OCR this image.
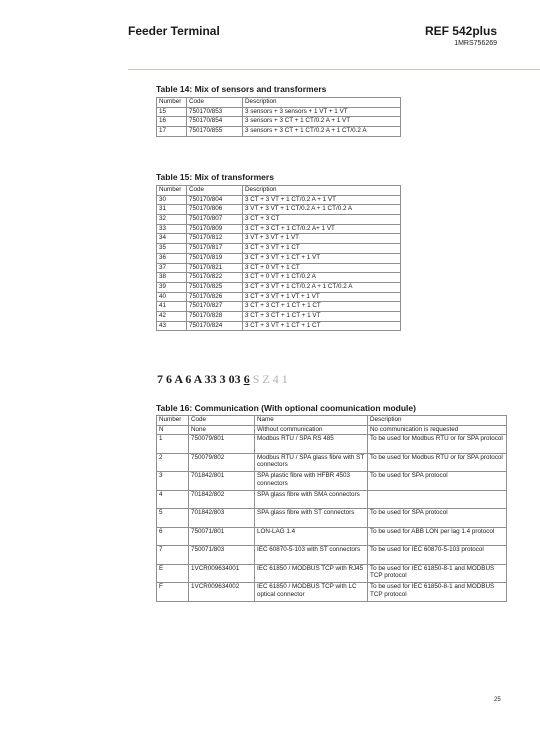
Feeder Terminal	REF 542plus
1MRS756269
Table 14: Mix of sensors and transformers
Number	Code	Description
15	750170/853	3 sensors + 3 sensors + 1 VT + 1 VT
16	750170/854	3 sensors + 3 CT + 1 CT/0.2 A + 1 VT
17	750170/855	3 sensors + 3 CT + 1 CT/0.2 A + 1 CT/0.2 A
Table 15: Mix of transformers
Number	Code	Description
30	750170/804	3 CT + 3 VT + 1 CT/0.2 A + 1 VT
31	750170/806	3 VT + 3 VT + 1 CT/0.2 A + 1 CT/0.2 A
32	750170/807	3 CT + 3 CT
33	750170/809	3 CT + 3 CT + 1 CT/0.2 A+ 1 VT
34	750170/812	3 VT + 3 VT + 1 VT
35	750170/817	3 CT + 3 VT + 1 CT
36	750170/819	3 CT + 3 VT + 1 CT + 1 VT
37	750170/821	3 CT + 0 VT + 1 CT
38	750170/822	3 CT + 0 VT + 1 CT/0.2 A
39	750170/825	3 CT + 3 VT + 1 CT/0.2 A + 1 CT/0.2 A
40	750170/826	3 CT + 3 VT + 1 VT + 1 VT
41	750170/827	3 CT + 3 CT + 1 CT + 1 CT
42	750170/828	3 CT + 3 CT + 1 CT + 1 VT
43	750170/824	3 CT + 3 VT + 1 CT + 1 CT
7 6 A 6 A 33 3 03 6 S Z 4 1
Table 16: Communication (With optional coomunication module)
Number	Code	Name	Description
N	None	Without communication	No communication is requested
1	750079/801	Modbus RTU / SPA RS 485	To be used for Modbus RTU or for SPA protocol
2	750079/802	Modbus RTU / SPA glass fibre with ST connectors	To be used for Modbus RTU or for SPA protocol
3	701842/801	SPA plastic fibre with HFBR 4503 connectors	To be used for SPA protocol
4	701842/802	SPA glass fibre with SMA connectors	
5	701842/803	SPA glass fibre with ST connectors	To be used for SPA protocol
6	750071/801	LON-LAG 1.4	To be used for ABB LON per lag 1.4 protocol
7	750071/803	IEC 60870-5-103 with ST connectors	To be used for IEC 60870-5-103 protocol
E	1VCR009634001	IEC 61850 / MODBUS TCP with RJ45	To be used for IEC 61850-8-1 and MODBUS TCP protocol
F	1VCR009634002	IEC 61850 / MODBUS TCP with LC optical connector	To be used for IEC 61850-8-1 and MODBUS TCP protocol
25
